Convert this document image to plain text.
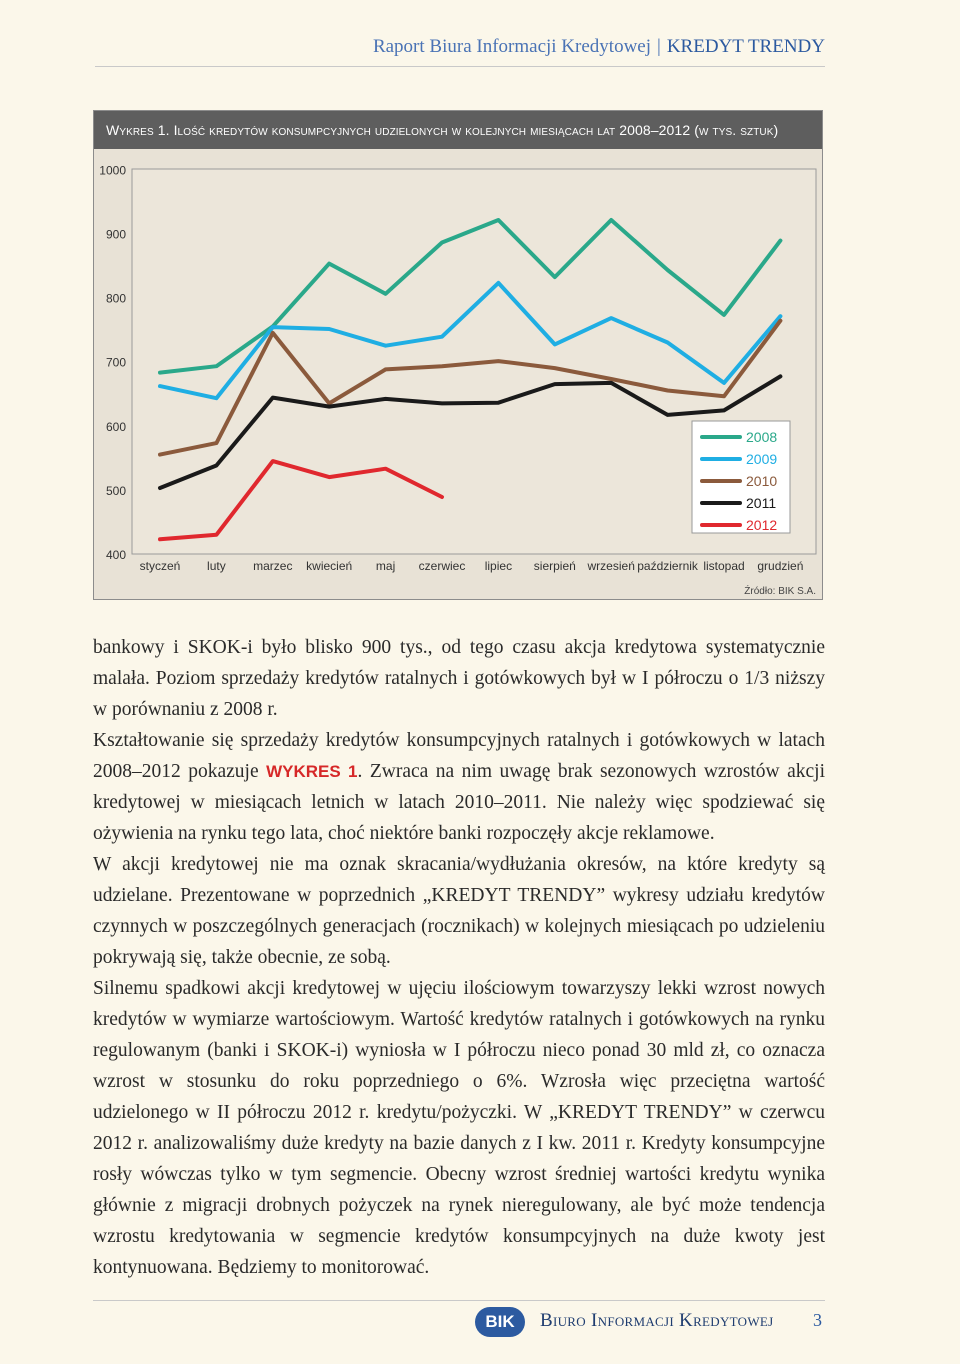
Raport Biura Informacji Kredytowej | KREDYT TRENDY
Wykres 1. Ilość kredytów konsumpcyjnych udzielonych w kolejnych miesiącach lat 2008–2012 (w tys. sztuk)
400
500
600
700
800
900
1000
styczeń luty marzec kwiecień maj czerwiec lipiec sierpień wrzesień październik listopad grudzień
2008
2009
2010
2011
2012
Źródło: BIK S.A.

bankowy i SKOK-i było blisko 900 tys., od tego czasu akcja kredytowa systematycznie malała. Poziom sprzedaży kredytów ratalnych i gotówkowych był w I półroczu o 1/3 niższy w porównaniu z 2008 r.

Kształtowanie się sprzedaży kredytów konsumpcyjnych ratalnych i gotówkowych w latach 2008–2012 pokazuje WYKRES 1. Zwraca na nim uwagę brak sezonowych wzrostów akcji kredytowej w miesiącach letnich w latach 2010–2011. Nie należy więc spodziewać się ożywienia na rynku tego lata, choć niektóre banki rozpoczęły akcje reklamowe.

W akcji kredytowej nie ma oznak skracania/wydłużania okresów, na które kredyty są udzielane. Prezentowane w poprzednich „KREDYT TRENDY” wykresy udziału kredytów czynnych w poszczególnych generacjach (rocznikach) w kolejnych miesiącach po udzieleniu pokrywają się, także obecnie, ze sobą.

Silnemu spadkowi akcji kredytowej w ujęciu ilościowym towarzyszy lekki wzrost nowych kredytów w wymiarze wartościowym. Wartość kredytów ratalnych i gotówkowych na rynku regulowanym (banki i SKOK-i) wyniosła w I półroczu nieco ponad 30 mld zł, co oznacza wzrost w stosunku do roku poprzedniego o 6%. Wzrosła więc przeciętna wartość udzielonego w II półroczu 2012 r. kredytu/pożyczki. W „KREDYT TRENDY” w czerwcu 2012 r. analizowaliśmy duże kredyty na bazie danych z I kw. 2011 r. Kredyty konsumpcyjne rosły wówczas tylko w tym segmencie. Obecny wzrost średniej wartości kredytu wynika głównie z migracji drobnych pożyczek na rynek nieregulowany, ale być może tendencja wzrostu kredytowania w segmencie kredytów konsumpcyjnych na duże kwoty jest kontynuowana. Będziemy to monitorować.

BIK	Biuro Informacji Kredytowej 3
